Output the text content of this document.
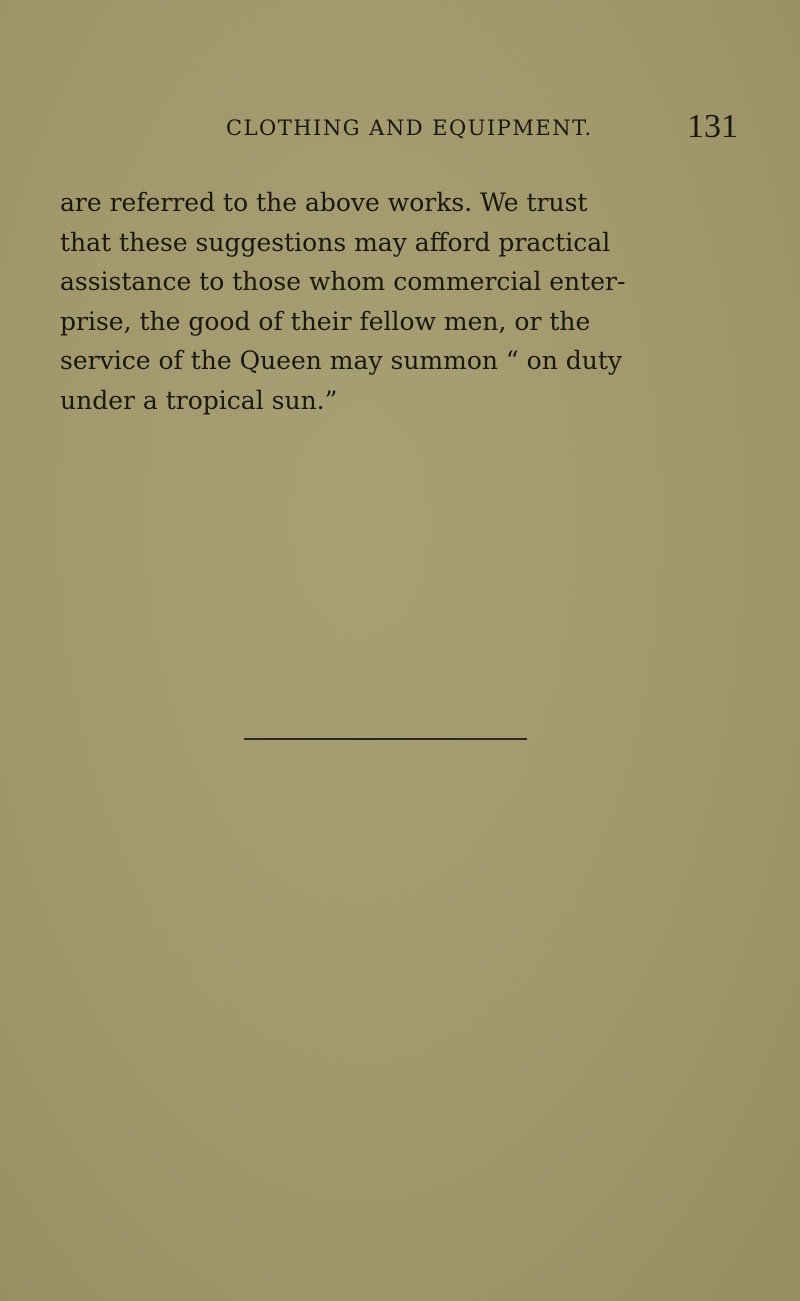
CLOTHING AND EQUIPMENT.	131
are referred to the above works. We trust
that these suggestions may afford practical
assistance to those whom commercial enter-
prise, the good of their fellow men, or the
service of the Queen may summon “ on duty
under a tropical sun.”
